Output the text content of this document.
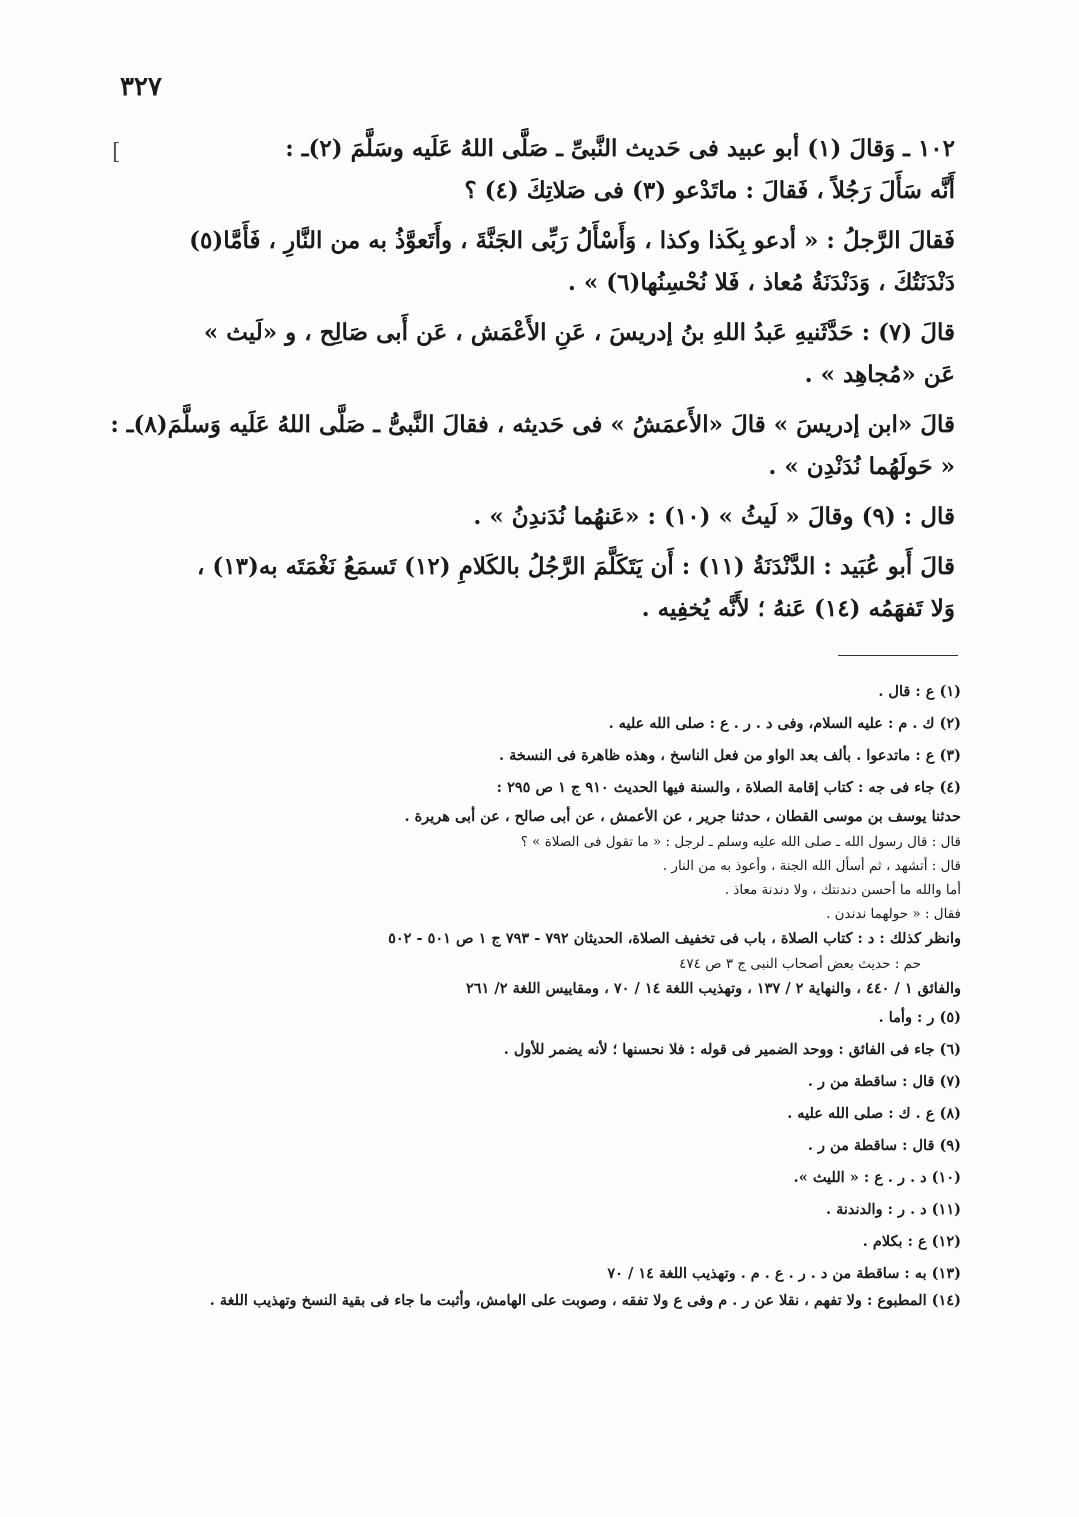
٣٢٧
[	١٠٢ ـ وَقالَ (١) أبو عبيد فى حَديث النَّبىِّ ـ صَلَّى اللهُ عَلَيه وسَلَّمَ (٢)ـ :
أَنَّه سَأَلَ رَجُلاً ، فَقالَ : ماتَدْعو (٣) فى صَلاتِكَ (٤) ؟

فَقالَ الرَّجلُ : « أدعو بِكَذا وكذا ، وَأَسْأَلُ رَبِّى الجَنَّةَ ، وأَتَعوَّذُ به من النَّارِ ، فَأَمَّا(٥)
دَنْدَنَتُكَ ، وَدَنْدَنَةُ مُعاذ ، فَلا نُحْسِنُها(٦) » .

قالَ (٧) : حَدَّثَنيهِ عَبدُ اللهِ بنُ إدريسَ ، عَنِ الأَعْمَش ، عَن أَبى صَالِح ، و «لَيث »
عَن «مُجاهِد » .

قالَ «ابن إدريسَ » قالَ «الأَعمَشُ » فى حَديثه ، فقالَ النَّبىُّ ـ صَلَّى اللهُ عَلَيه وَسلَّمَ(٨)ـ :
« حَولَهُما نُدَنْدِن » .

قال : (٩) وقالَ « لَيثُ » (١٠) : «عَنهُما نُدَندِنُ » .

قالَ أَبو عُبَيد : الدَّنْدَنَةُ (١١) : أَن يَتَكَلَّمَ الرَّجُلُ بالكَلامِ (١٢) تَسمَعُ نَغْمَتَه به(١٣) ،
وَلا تَفهَمُه (١٤) عَنهُ ؛ لأَنَّه يُخفِيه .

(١) ع : قال .
(٢) ك . م : عليه السلام، وفى د . ر . ع : صلى الله عليه .
(٣) ع : ماتدعوا . بألف بعد الواو من فعل الناسخ ، وهذه ظاهرة فى النسخة .
(٤) جاء فى جه : كتاب إقامة الصلاة ، والسنة فيها الحديث ٩١٠ ج ١ ص ٢٩٥ :
حدثنا يوسف بن موسى القطان ، حدثنا جرير ، عن الأعمش ، عن أبى صالح ، عن أبى هريرة .
قال : قال رسول الله ـ صلى الله عليه وسلم ـ لرجل : « ما تقول فى الصلاة » ؟
قال : أتشهد ، ثم أسأل الله الجنة ، وأعوذ به من النار .
أما والله ما أحسن دندنتك ، ولا دندنة معاذ .
فقال : « حولهما ندندن .
وانظر كذلك : د : كتاب الصلاة ، باب فى تخفيف الصلاة، الحديثان ٧٩٢ - ٧٩٣ ج ١ ص ٥٠١ - ٥٠٢
حم : حديث بعض أصحاب النبى ج ٣ ص ٤٧٤
والفائق ١ / ٤٤٠ ، والنهاية ٢ / ١٣٧ ، وتهذيب اللغة ١٤ / ٧٠ ، ومقاييس اللغة ٢/ ٢٦١
(٥) ر : وأما .
(٦) جاء فى الفائق : ووحد الضمير فى قوله : فلا نحسنها ؛ لأنه يضمر للأول .
(٧) قال : ساقطة من ر .
(٨) ع . ك : صلى الله عليه .
(٩) قال : ساقطة من ر .
(١٠) د . ر . ع : « الليث ».
(١١) د . ر : والدندنة .
(١٢) ع : بكلام .
(١٣) به : ساقطة من د . ر . ع . م . وتهذيب اللغة ١٤ / ٧٠
(١٤) المطبوع : ولا تفهم ، نقلا عن ر . م وفى ع ولا تفقه ، وصوبت على الهامش، وأثبت ما جاء فى بقية النسخ وتهذيب اللغة .
